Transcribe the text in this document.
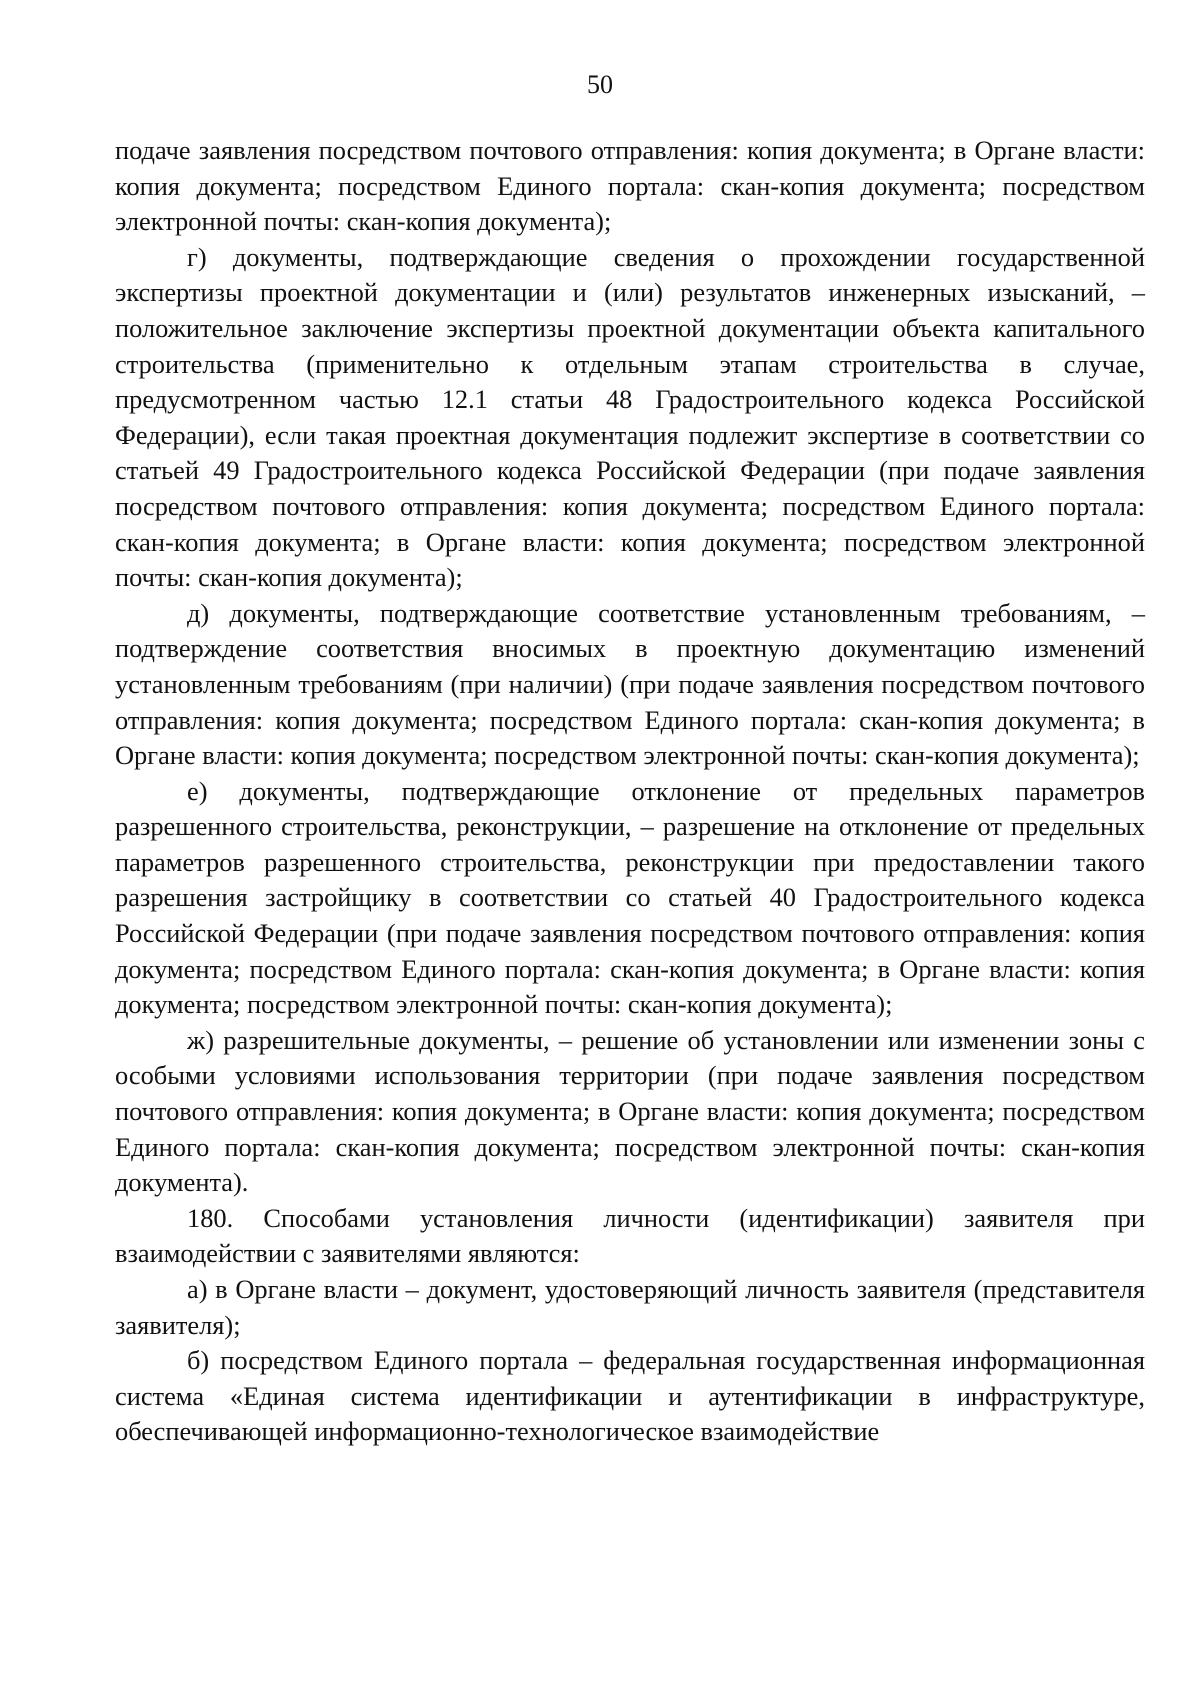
50

подаче заявления посредством почтового отправления: копия документа; в Органе власти: копия документа; посредством Единого портала: скан-копия документа; посредством электронной почты: скан-копия документа);

г) документы, подтверждающие сведения о прохождении государственной экспертизы проектной документации и (или) результатов инженерных изысканий, – положительное заключение экспертизы проектной документации объекта капитального строительства (применительно к отдельным этапам строительства в случае, предусмотренном частью 12.1 статьи 48 Градостроительного кодекса Российской Федерации), если такая проектная документация подлежит экспертизе в соответствии со статьей 49 Градостроительного кодекса Российской Федерации (при подаче заявления посредством почтового отправления: копия документа; посредством Единого портала: скан-копия документа; в Органе власти: копия документа; посредством электронной почты: скан-копия документа);

д) документы, подтверждающие соответствие установленным требованиям, – подтверждение соответствия вносимых в проектную документацию изменений установленным требованиям (при наличии) (при подаче заявления посредством почтового отправления: копия документа; посредством Единого портала: скан-копия документа; в Органе власти: копия документа; посредством электронной почты: скан-копия документа);

е) документы, подтверждающие отклонение от предельных параметров разрешенного строительства, реконструкции, – разрешение на отклонение от предельных параметров разрешенного строительства, реконструкции при предоставлении такого разрешения застройщику в соответствии со статьей 40 Градостроительного кодекса Российской Федерации (при подаче заявления посредством почтового отправления: копия документа; посредством Единого портала: скан-копия документа; в Органе власти: копия документа; посредством электронной почты: скан-копия документа);

ж) разрешительные документы, – решение об установлении или изменении зоны с особыми условиями использования территории (при подаче заявления посредством почтового отправления: копия документа; в Органе власти: копия документа; посредством Единого портала: скан-копия документа; посредством электронной почты: скан-копия документа).

180. Способами установления личности (идентификации) заявителя при взаимодействии с заявителями являются:

а) в Органе власти – документ, удостоверяющий личность заявителя (представителя заявителя);

б) посредством Единого портала – федеральная государственная информационная система «Единая система идентификации и аутентификации в инфраструктуре, обеспечивающей информационно-технологическое взаимодействие
